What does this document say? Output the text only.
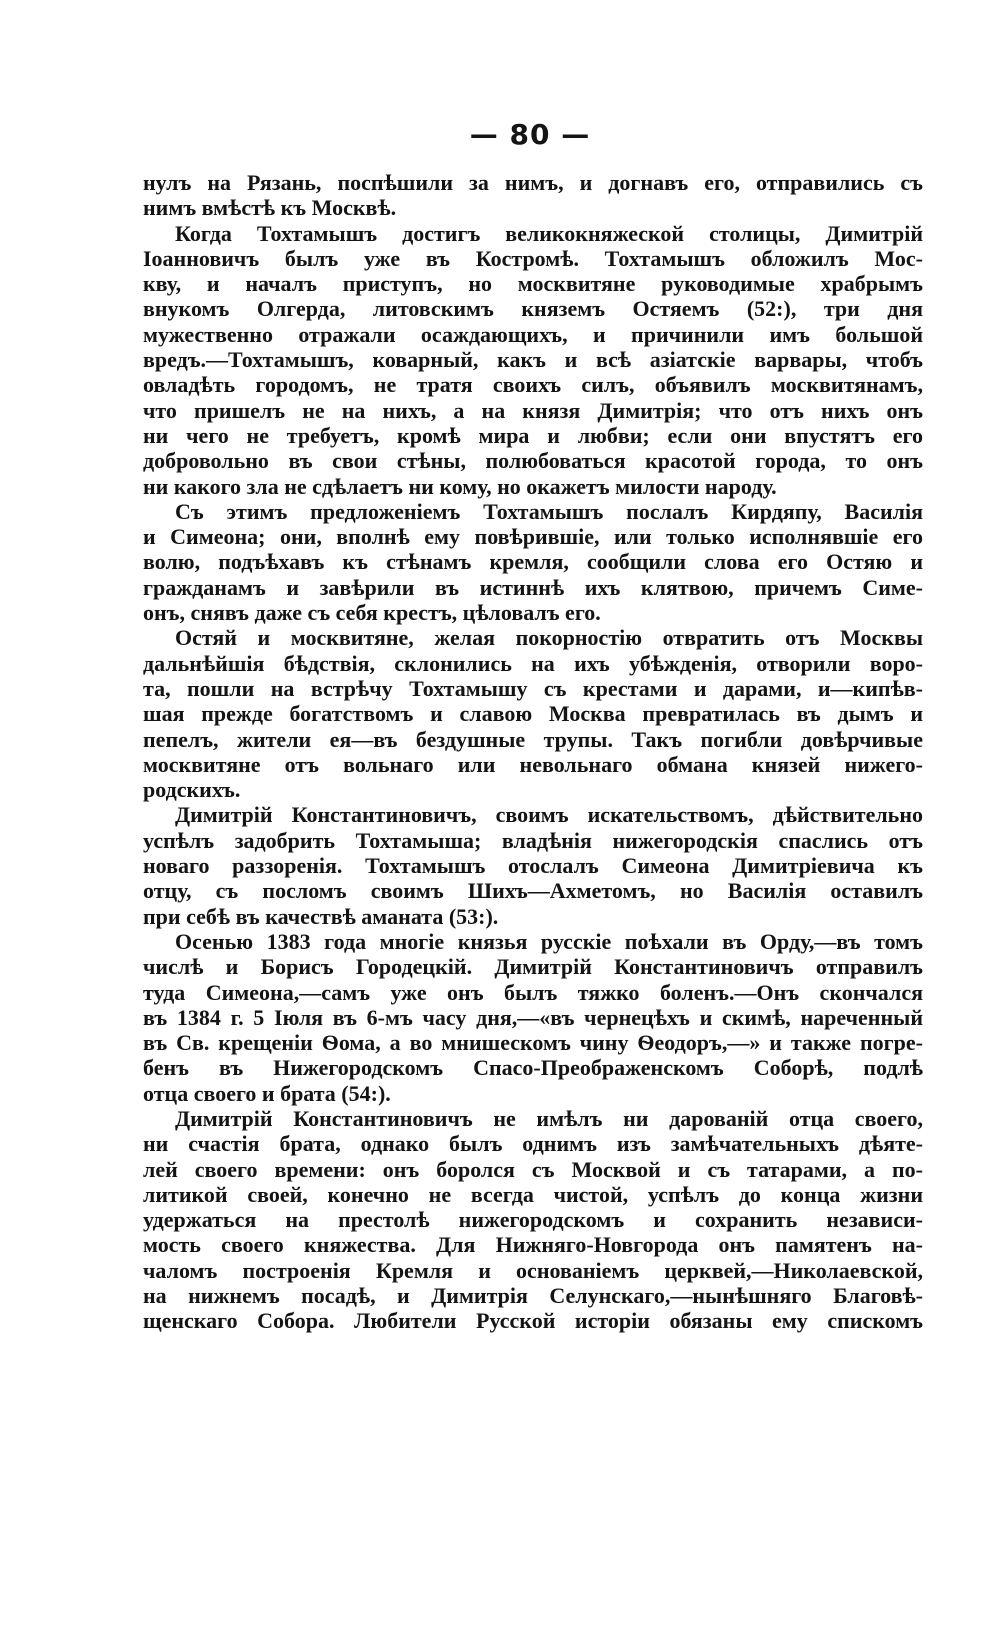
— 80 —
нулъ на Рязань, поспѣшили за нимъ, и догнавъ его, отправились съ
нимъ вмѣстѣ къ Москвѣ.
Когда Тохтамышъ достигъ великокняжеской столицы, Димитрій
Іоанновичъ былъ уже въ Костромѣ. Тохтамышъ обложилъ Мос-
кву, и началъ приступъ, но москвитяне руководимые храбрымъ
внукомъ Олгерда, литовскимъ княземъ Остяемъ (52:), три дня
мужественно отражали осаждающихъ, и причинили имъ большой
вредъ.—Тохтамышъ, коварный, какъ и всѣ азіатскіе варвары, чтобъ
овладѣть городомъ, не тратя своихъ силъ, объявилъ москвитянамъ,
что пришелъ не на нихъ, а на князя Димитрія; что отъ нихъ онъ
ни чего не требуетъ, кромѣ мира и любви; если они впустятъ его
добровольно въ свои стѣны, полюбоваться красотой города, то онъ
ни какого зла не сдѣлаетъ ни кому, но окажетъ милости народу.
Съ этимъ предложеніемъ Тохтамышъ послалъ Кирдяпу, Василія
и Симеона; они, вполнѣ ему повѣрившіе, или только исполнявшіе его
волю, подъѣхавъ къ стѣнамъ кремля, сообщили слова его Остяю и
гражданамъ и завѣрили въ истиннѣ ихъ клятвою, причемъ Симе-
онъ, снявъ даже съ себя крестъ, цѣловалъ его.
Остяй и москвитяне, желая покорностію отвратить отъ Москвы
дальнѣйшія бѣдствія, склонились на ихъ убѣжденія, отворили воро-
та, пошли на встрѣчу Тохтамышу съ крестами и дарами, и—кипѣв-
шая прежде богатствомъ и славою Москва превратилась въ дымъ и
пепелъ, жители ея—въ бездушные трупы. Такъ погибли довѣрчивые
москвитяне отъ вольнаго или невольнаго обмана князей нижего-
родскихъ.
Димитрій Константиновичъ, своимъ искательствомъ, дѣйствительно
успѣлъ задобрить Тохтамыша; владѣнія нижегородскія спаслись отъ
новаго раззоренія. Тохтамышъ отослалъ Симеона Димитріевича къ
отцу, съ посломъ своимъ Шихъ—Ахметомъ, но Василія оставилъ
при себѣ въ качествѣ аманата (53:).
Осенью 1383 года многіе князья русскіе поѣхали въ Орду,—въ томъ
числѣ и Борисъ Городецкій. Димитрій Константиновичъ отправилъ
туда Симеона,—самъ уже онъ былъ тяжко боленъ.—Онъ скончался
въ 1384 г. 5 Іюля въ 6-мъ часу дня,—«въ чернецѣхъ и скимѣ, нареченный
въ Св. крещеніи Ѳома, а во мнишескомъ чину Ѳеодоръ,—» и также погре-
бенъ въ Нижегородскомъ Спасо-Преображенскомъ Соборѣ, подлѣ
отца своего и брата (54:).
Димитрій Константиновичъ не имѣлъ ни дарованій отца своего,
ни счастія брата, однако былъ однимъ изъ замѣчательныхъ дѣяте-
лей своего времени: онъ боролся съ Москвой и съ татарами, а по-
литикой своей, конечно не всегда чистой, успѣлъ до конца жизни
удержаться на престолѣ нижегородскомъ и сохранить независи-
мость своего княжества. Для Нижняго-Новгорода онъ памятенъ на-
чаломъ построенія Кремля и основаніемъ церквей,—Николаевской,
на нижнемъ посадѣ, и Димитрія Селунскаго,—нынѣшняго Благовѣ-
щенскаго Собора. Любители Русской исторіи обязаны ему спискомъ
